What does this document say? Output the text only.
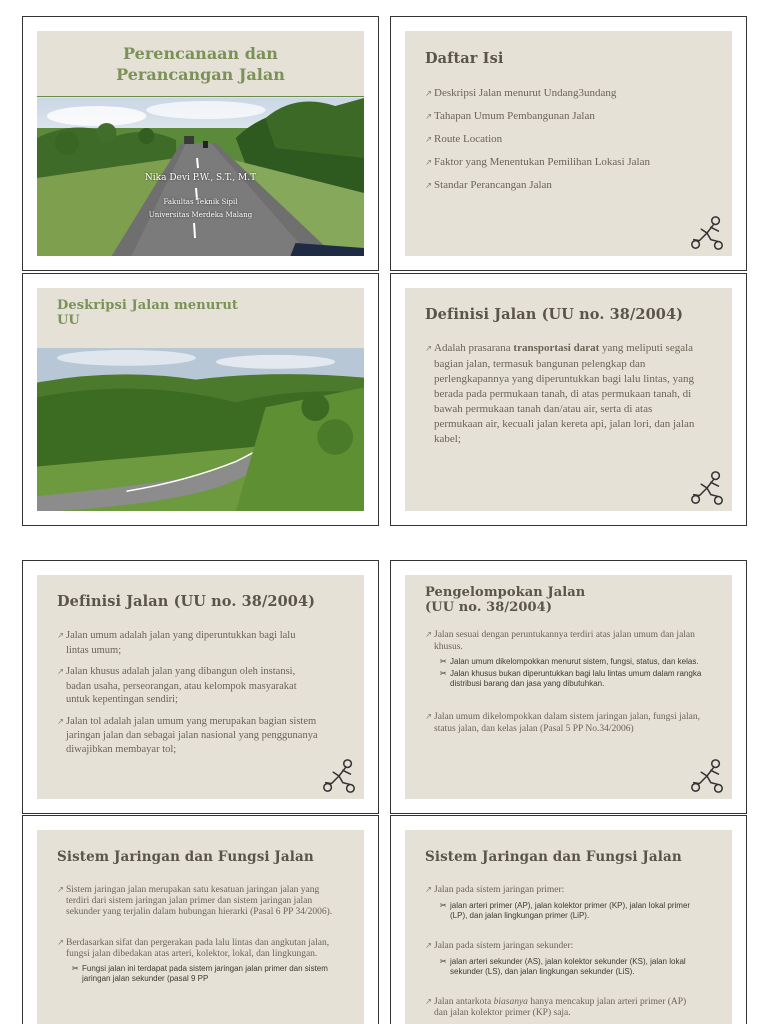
Perencanaan dan
Perancangan Jalan
Nika Devi P.W., S.T., M.T
Fakultas Teknik Sipil
Universitas Merdeka Malang
Daftar Isi
↗ Deskripsi Jalan menurut Undang3undang
↗ Tahapan Umum Pembangunan Jalan
↗ Route Location
↗ Faktor yang Menentukan Pemilihan Lokasi Jalan
↗ Standar Perancangan Jalan
Deskripsi Jalan menurut
UU	Definisi Jalan (UU no. 38/2004)
↗ Adalah prasarana transportasi darat yang meliputi segala bagian jalan, termasuk bangunan pelengkap dan perlengkapannya yang diperuntukkan bagi lalu lintas, yang berada pada permukaan tanah, di atas permukaan tanah, di bawah permukaan tanah dan/atau air, serta di atas permukaan air, kecuali jalan kereta api, jalan lori, dan jalan kabel;
Definisi Jalan (UU no. 38/2004)
↗ Jalan umum adalah jalan yang diperuntukkan bagi lalu lintas umum;
↗ Jalan khusus adalah jalan yang dibangun oleh instansi, badan usaha, perseorangan, atau kelompok masyarakat untuk kepentingan sendiri;
↗ Jalan tol adalah jalan umum yang merupakan bagian sistem jaringan jalan dan sebagai jalan nasional yang penggunanya diwajibkan membayar tol;
Pengelompokan Jalan
(UU no. 38/2004)
↗ Jalan sesuai dengan peruntukannya terdiri atas jalan umum dan jalan khusus.
✂ Jalan umum dikelompokkan menurut sistem, fungsi, status, dan kelas.
✂ Jalan khusus bukan diperuntukkan bagi lalu lintas umum dalam rangka distribusi barang dan jasa yang dibutuhkan.
↗ Jalan umum dikelompokkan dalam sistem jaringan jalan, fungsi jalan, status jalan, dan kelas jalan (Pasal 5 PP No.34/2006)
Sistem Jaringan dan Fungsi Jalan
↗ Sistem jaringan jalan merupakan satu kesatuan jaringan jalan yang terdiri dari sistem jaringan jalan primer dan sistem jaringan jalan sekunder yang terjalin dalam hubungan hierarki (Pasal 6 PP 34/2006).
↗ Berdasarkan sifat dan pergerakan pada lalu lintas dan angkutan jalan, fungsi jalan dibedakan atas arteri, kolektor, lokal, dan lingkungan.
✂ Fungsi jalan ini terdapat pada sistem jaringan jalan primer dan sistem jaringan jalan sekunder (pasal 9 PP
Sistem Jaringan dan Fungsi Jalan
↗ Jalan pada sistem jaringan primer:
✂ jalan arteri primer (AP), jalan kolektor primer (KP), jalan lokal primer (LP), dan jalan lingkungan primer (LiP).
↗ Jalan pada sistem jaringan sekunder:
✂ jalan arteri sekunder (AS), jalan kolektor sekunder (KS), jalan lokal sekunder (LS), dan jalan lingkungan sekunder (LiS).
↗ Jalan antarkota biasanya hanya mencakup jalan arteri primer (AP) dan jalan kolektor primer (KP) saja.
